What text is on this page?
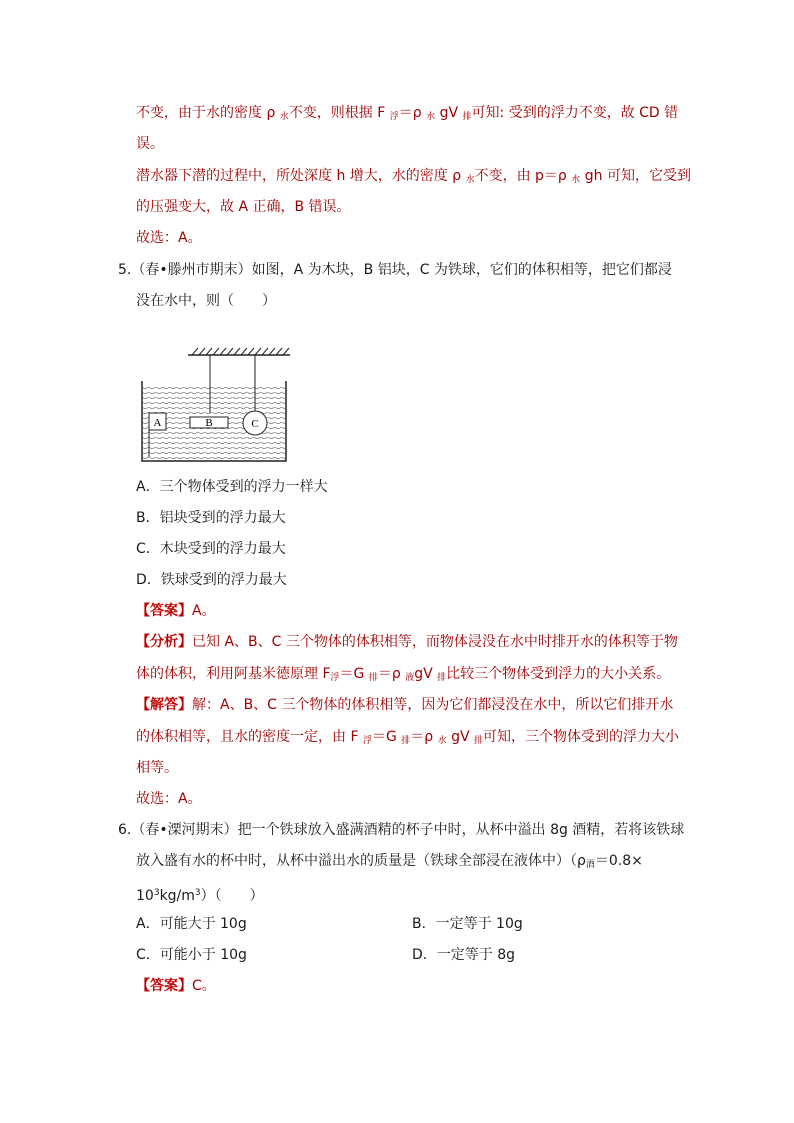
不变，由于水的密度 ρ $_水$不变，则根据 F $_浮$＝ρ $_水$ gV $_排$可知: 受到的浮力不变，故 CD 错
误。
潜水器下潜的过程中，所处深度 h 增大，水的密度 ρ $_水$不变，由 p＝ρ $_水$ gh 可知，它受到
的压强变大，故 A 正确，B 错误。
故选：A。
5.（春•滕州市期末）如图，A 为木块，B 铝块，C 为铁球，它们的体积相等，把它们都浸
没在水中，则（　　）
A	B	C
A．三个物体受到的浮力一样大
B．铝块受到的浮力最大
C．木块受到的浮力最大
D．铁球受到的浮力最大
【答案】A。
【分析】已知 A、B、C 三个物体的体积相等，而物体浸没在水中时排开水的体积等于物
体的体积，利用阿基米德原理 $F_浮=G$ $_排$＝ρ $_液$gV $_排$比较三个物体受到浮力的大小关系。
【解答】解：A、B、C 三个物体的体积相等，因为它们都浸没在水中，所以它们排开水
的体积相等，且水的密度一定，由 F $_浮$＝G $_排$＝ρ $_水$ gV $_排$可知，三个物体受到的浮力大小
相等。
故选：A。
6.（春•溧河期末）把一个铁球放入盛满酒精的杯子中时，从杯中溢出 8g 酒精，若将该铁球
放入盛有水的杯中时，从杯中溢出水的质量是（铁球全部浸在液体中）（$\rho_酒=0.8\times$
$10^3kg/m^3$）（　　）
A．可能大于 10g	B．一定等于 10g
C．可能小于 10g	D．一定等于 8g
【答案】C。
